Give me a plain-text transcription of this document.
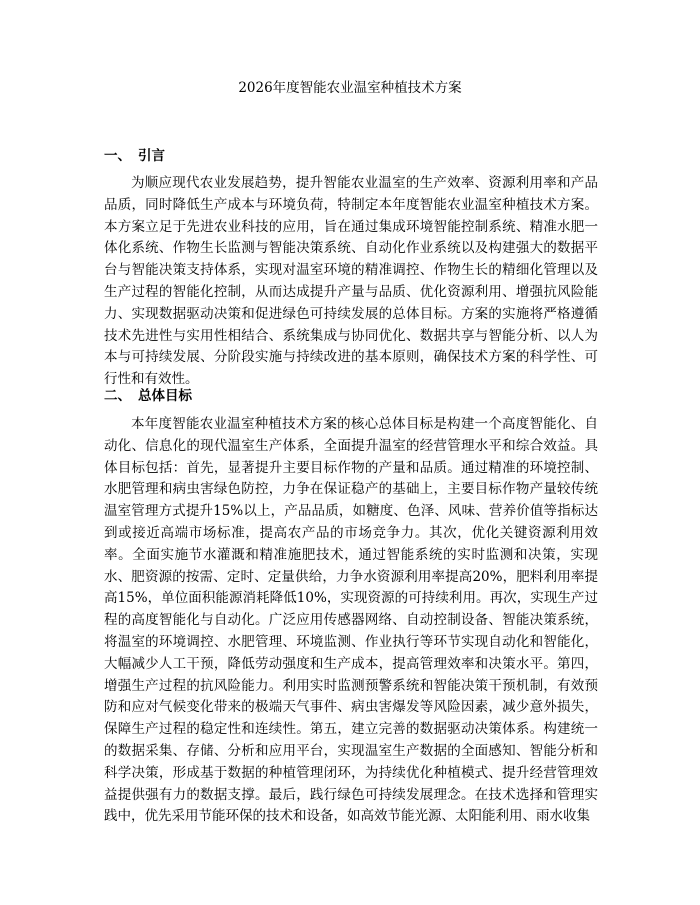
2026年度智能农业温室种植技术方案
一、 引言

为顺应现代农业发展趋势，提升智能农业温室的生产效率、资源利用率和产品品质，同时降低生产成本与环境负荷，特制定本年度智能农业温室种植技术方案。本方案立足于先进农业科技的应用，旨在通过集成环境智能控制系统、精准水肥一体化系统、作物生长监测与智能决策系统、自动化作业系统以及构建强大的数据平台与智能决策支持体系，实现对温室环境的精准调控、作物生长的精细化管理以及生产过程的智能化控制，从而达成提升产量与品质、优化资源利用、增强抗风险能力、实现数据驱动决策和促进绿色可持续发展的总体目标。方案的实施将严格遵循技术先进性与实用性相结合、系统集成与协同优化、数据共享与智能分析、以人为本与可持续发展、分阶段实施与持续改进的基本原则，确保技术方案的科学性、可行性和有效性。

二、 总体目标

本年度智能农业温室种植技术方案的核心总体目标是构建一个高度智能化、自动化、信息化的现代温室生产体系，全面提升温室的经营管理水平和综合效益。具体目标包括：首先，显著提升主要目标作物的产量和品质。通过精准的环境控制、水肥管理和病虫害绿色防控，力争在保证稳产的基础上，主要目标作物产量较传统温室管理方式提升15%以上，产品品质，如糖度、色泽、风味、营养价值等指标达到或接近高端市场标准，提高农产品的市场竞争力。其次，优化关键资源利用效率。全面实施节水灌溉和精准施肥技术，通过智能系统的实时监测和决策，实现水、肥资源的按需、定时、定量供给，力争水资源利用率提高20%，肥料利用率提高15%，单位面积能源消耗降低10%，实现资源的可持续利用。再次，实现生产过程的高度智能化与自动化。广泛应用传感器网络、自动控制设备、智能决策系统，将温室的环境调控、水肥管理、环境监测、作业执行等环节实现自动化和智能化，大幅减少人工干预，降低劳动强度和生产成本，提高管理效率和决策水平。第四，增强生产过程的抗风险能力。利用实时监测预警系统和智能决策干预机制，有效预防和应对气候变化带来的极端天气事件、病虫害爆发等风险因素，减少意外损失，保障生产过程的稳定性和连续性。第五，建立完善的数据驱动决策体系。构建统一的数据采集、存储、分析和应用平台，实现温室生产数据的全面感知、智能分析和科学决策，形成基于数据的种植管理闭环，为持续优化种植模式、提升经营管理效益提供强有力的数据支撑。最后，践行绿色可持续发展理念。在技术选择和管理实践中，优先采用节能环保的技术和设备，如高效节能光源、太阳能利用、雨水收集
